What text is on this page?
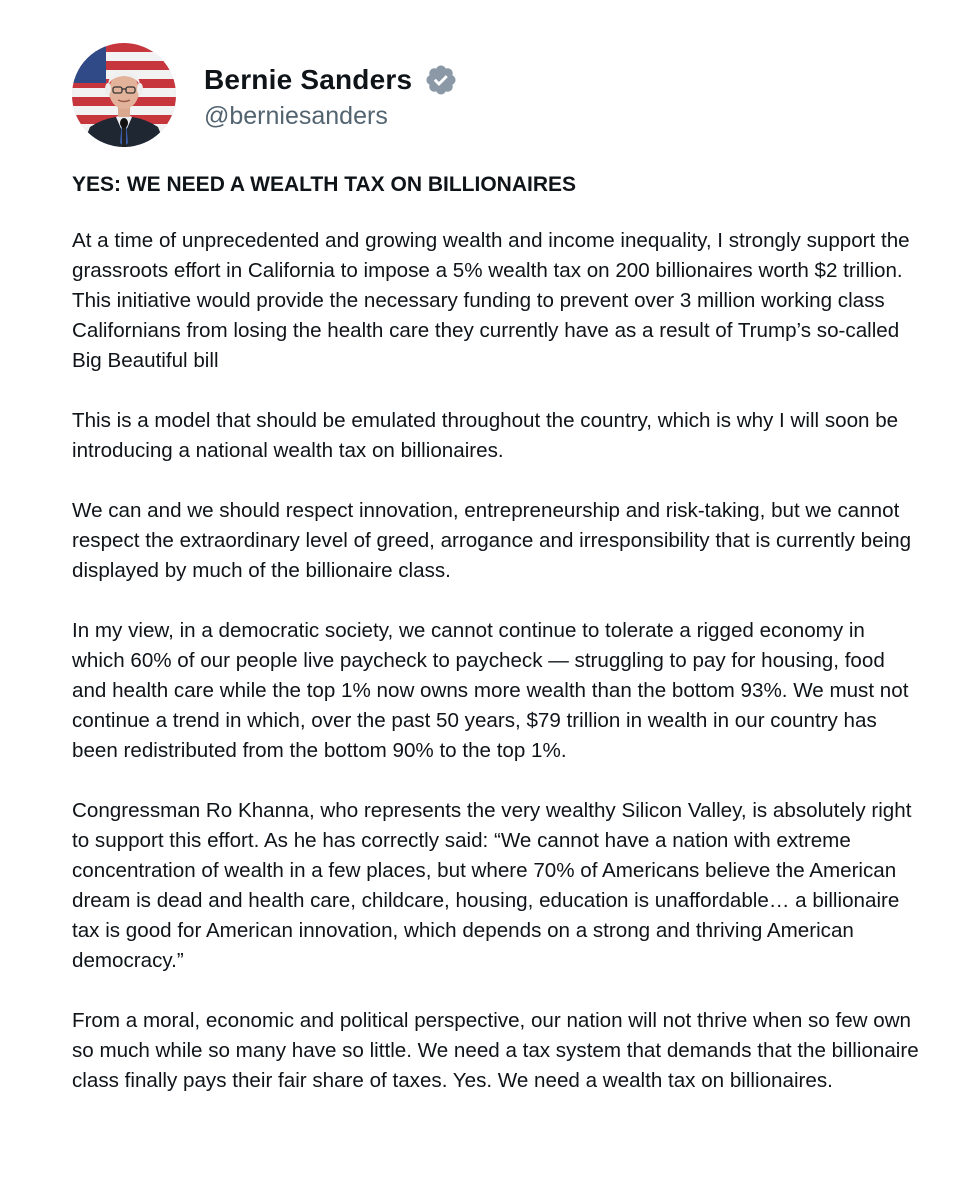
Bernie Sanders
@berniesanders
YES: WE NEED A WEALTH TAX ON BILLIONAIRES

At a time of unprecedented and growing wealth and income inequality, I strongly support the grassroots effort in California to impose a 5% wealth tax on 200 billionaires worth $2 trillion. This initiative would provide the necessary funding to prevent over 3 million working class Californians from losing the health care they currently have as a result of Trump’s so-called Big Beautiful bill

This is a model that should be emulated throughout the country, which is why I will soon be introducing a national wealth tax on billionaires.

We can and we should respect innovation, entrepreneurship and risk-taking, but we cannot respect the extraordinary level of greed, arrogance and irresponsibility that is currently being displayed by much of the billionaire class.

In my view, in a democratic society, we cannot continue to tolerate a rigged economy in which 60% of our people live paycheck to paycheck — struggling to pay for housing, food and health care while the top 1% now owns more wealth than the bottom 93%. We must not continue a trend in which, over the past 50 years, $79 trillion in wealth in our country has been redistributed from the bottom 90% to the top 1%.

Congressman Ro Khanna, who represents the very wealthy Silicon Valley, is absolutely right to support this effort. As he has correctly said: “We cannot have a nation with extreme concentration of wealth in a few places, but where 70% of Americans believe the American dream is dead and health care, childcare, housing, education is unaffordable… a billionaire tax is good for American innovation, which depends on a strong and thriving American democracy.”

From a moral, economic and political perspective, our nation will not thrive when so few own so much while so many have so little. We need a tax system that demands that the billionaire class finally pays their fair share of taxes. Yes. We need a wealth tax on billionaires.
